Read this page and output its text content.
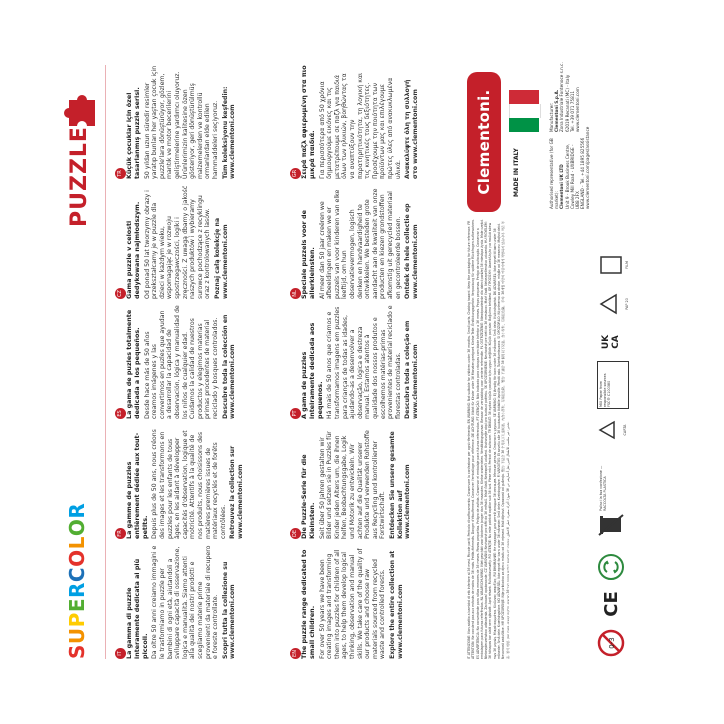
SUPERCOLOR
PUZZLE
IT La gamma di puzzle interamente dedicata ai più piccoli. Da oltre 50 anni creiamo immagini e le trasformiamo in puzzle per bambini di ogni età, aiutandoli a sviluppare capacità di osservazione, logica e manualità. Siamo attenti alla qualità dei nostri prodotti e scegliamo materie prime provenienti da materiale di recupero e foreste controllate. Scopri tutta la collezione su www.clementoni.com

FR La gamme de puzzles entièrement dédiée aux tout-petits. Depuis plus de 50 ans, nous créons des images et les transformons en puzzles pour les enfants de tous âges, en les aidant à développer capacités d'observation, logique et motricité. Attentifs à la qualité de nos produits, nous choisissons des matières premières issues de matériaux recyclés et de forêts contrôlées. Retrouvez la collection sur www.clementoni.com

ES La gama de puzles totalmente dedicada a los pequeños. Desde hace más de 50 años creamos imágenes y las convertimos en puzles que ayudan a desarrollar la capacidad de observación, lógica y manualidad de los niños de cualquier edad. Cuidamos la calidad de nuestros productos y elegimos materias primas procedentes de material reciclado y bosques controlados. Descubre toda la colección en www.clementoni.com

CZ Gama puzzle v celosti dedykowana najmłodszym. Od ponad 50 lat tworzymy obrazy i przekształcamy je w puzzle dla dzieci w każdym wieku, wspomagając je w rozwoju spostrzegawczości, logiki i zręczności. Z uwagą dbamy o jakość naszych produktów i wybieramy surowce pochodzące z recyklingu oraz z kontrolowanych lasów. Poznaj całą kolekcję na www.clementoni.com

TR Küçük çocuklar için özel tasarlanmış puzzle serisi. 50 yıldan uzun süredir resimler yaratıp bunları her yaştan çocuk için puzzle'lara dönüştürüyor, gözlem, mantık ve motor becerilerini geliştirmelerine yardımcı oluyoruz. Ürünlerimizin kalitesine özen gösteriyor, geri dönüştürülmüş malzemelerden ve kontrollü ormanlardan elde edilen hammaddeleri seçiyoruz. Tüm koleksiyonu keşfedin: www.clementoni.com

EN The puzzle range dedicated to small children. For over 50 years we have been creating images and transforming them into puzzles for children of all ages, to help them develop logical thinking, observation and manual skills. We take care of the quality of our products and choose raw materials sourced from recycled waste and controlled forests. Explore the entire collection at www.clementoni.com

DE Die Puzzle-Serie für die Kleinsten. Seit über 50 Jahren gestalten wir Bilder und setzen sie in Puzzles für Kinder jeden Alters um, die ihnen helfen, Beobachtungsgabe, Logik und Motorik zu entwickeln. Wir achten auf die Qualität unserer Produkte und verwenden Rohstoffe aus Recycling und kontrollierter Forstwirtschaft. Entdecken Sie unsere gesamte Kollektion auf www.clementoni.com

PT A gama de puzzles inteiramente dedicada aos pequenos. Há mais de 50 anos que criamos e transformamos imagens em puzzles para crianças de todas as idades, ajudando-as a desenvolver a observação, lógica e destreza manual. Estamos atentos à qualidade dos nossos produtos e escolhemos matérias-primas provenientes de material reciclado e florestas controladas. Descubra toda a coleção em www.clementoni.com

NL Speciale puzzels voor de allerkleinsten. Al meer dan 50 jaar creëren we afbeeldingen en maken we er puzzels van voor kinderen van elke leeftijd, om hun observatievermogen, logisch denken en handvaardigheid te ontwikkelen. We besteden grote aandacht aan de kwaliteit van onze producten en kiezen grondstoffen afkomstig uit gerecycled materiaal en gecontroleerde bossen. Ontdek de hele collectie op www.clementoni.com

GR Σειρά παζλ αφιερωμένη στα πιο μικρά παιδιά. Για περισσότερα από 50 χρόνια δημιουργούμε εικόνες και τις μετατρέπουμε σε παζλ για παιδιά όλων των ηλικιών, βοηθώντας τα να αναπτύξουν την παρατηρητικότητα, τη λογική και τις κινητικές τους δεξιότητες. Προσέχουμε την ποιότητα των προϊόντων μας και επιλέγουμε πρώτες ύλες από ανακυκλωμένα υλικά. Ανακαλύψτε όλη τη συλλογή στο www.clementoni.com	Clementoni.	MADE IN ITALY	Authorised representative (for GB market): Clementoni UK LTD Unit 9 - Brook Business Centre, Cowley Mill Road - UXBRIDGE - UB8 2FX ENGLAND - Tel. +44 1895 825566 www.clementoni.com/pages/assistance
Manufacturer: Clementoni S.p.A. Zona Industriale Fontenoce s.n.c. 62019 Recanati (MC) - Italy Tel. +39 071 75811 www.clementoni.com
IT ATTENZIONE: Non adatto a bambini di età inferiore ai 36 mesi. Piccole parti. Pericolo di soffocamento. Conservare la confezione per ogni riferimento. EN WARNING: Not suitable for children under 36 months. Small parts. Choking hazard. Keep the packaging for future reference. FR ATTENTION: Ne convient pas aux enfants de moins de 36 mois. Petits éléments. Danger d'étouffement. Conserver l'emballage pour référence. DE ACHTUNG: Nicht für Kinder unter 36 Monaten geeignet. Kleine Teile. Erstickungsgefahr. Verpackung für spätere Rückfragen aufbewahren. ES ADVERTENCIA: No conveniente para niños menores de 36 meses. Piezas pequeñas. Peligro de asfixia. Conservar el embalaje para futuras referencias. PT ATENÇÃO: Não indicado para crianças com idade inferior a 36 meses. Peças pequenas. Perigo de sufocação. Conservar a embalagem para futuras referências. NL WAARSCHUWING: Niet geschikt voor kinderen jonger dan 36 maanden. Kleine onderdelen. Verstikkingsgevaar. Bewaar de verpakking voor verdere referentie. PL OSTRZEŻENIE: Nieodpowiednie dla dzieci poniżej 36 miesiąca życia. Małe części. Niebezpieczeństwo udławienia. Zachować opakowanie. CZ VAROVÁNÍ: Nevhodné pro děti do 36 měsíců. Malé části. Nebezpečí udušení. Uschovejte obal pro budoucí potřebu. SK UPOZORNENIE: Nevhodné pre deti do 36 mesiacov. Malé časti. Nebezpečenstvo udusenia. HU FIGYELEM: 36 hónapos kor alatt nem ajánlott. Apró részek. Fulladásveszély. RO ATENȚIE: Nu este potrivit copiilor sub 36 luni. Piese mici. Pericol de sufocare. TR DİKKAT: 36 aydan küçük çocuklar için uygun değildir. Küçük parçalar. Boğulma tehlikesi. GR ΠΡΟΣΟΧΗ: Ακατάλληλο για παιδιά κάτω των 36 μηνών. Μικρά κομμάτια. Κίνδυνος ασφυξίας. RU ВНИМАНИЕ: Не подходит для детей младше 36 месяцев. Мелкие детали. Опасность удушья. SE VARNING: Ej lämplig för barn under 36 månader. Små delar. Kvävningsrisk. DK ADVARSEL: Ikke egnet til børn under 36 måneder. Små dele. Kvælningsfare. NO ADVARSEL: Ikke egnet for barn under 36 måneder. Små deler. Kvelningsfare. FI VAROITUS: Ei sovellu alle 36 kuukauden ikäisille lapsille. Pieniä osia. Tukehtumisvaara. SI OPOZORILO: Ni primerno za otroke, mlajše od 36 mesecev. Majhni delci. Nevarnost zadušitve. HR UPOZORENJE: Nije prikladno za djecu mlađu od 36 mjeseci. Mali dijelovi. Opasnost od gušenja. 警告: 不适合 36 个月以下儿童玩耍。内含小部件，有窒息危险。 警告: 不適合 36 個月以下兒童。含小零件，有窒息危險。 주의: 36개월 미만의 어린이에게 적합하지 않습니다. 작은 부품. 질식 위험. تحذير: غير مناسب للأطفال الذين تقل أعمارهم عن 36 شهرًا. أجزاء صغيرة. خطر الاختناق. אזהרה: לא מתאים לילדים מתחת לגיל 36 חודשים. חלקים קטנים. סכנת חנק.
0-3
CE
Pulisci la tua confezione — RACCOLTA PLASTICA
CARTA
MIX Paper from responsible sources FSC® C100380
UK CA
PAP 20
FILM
